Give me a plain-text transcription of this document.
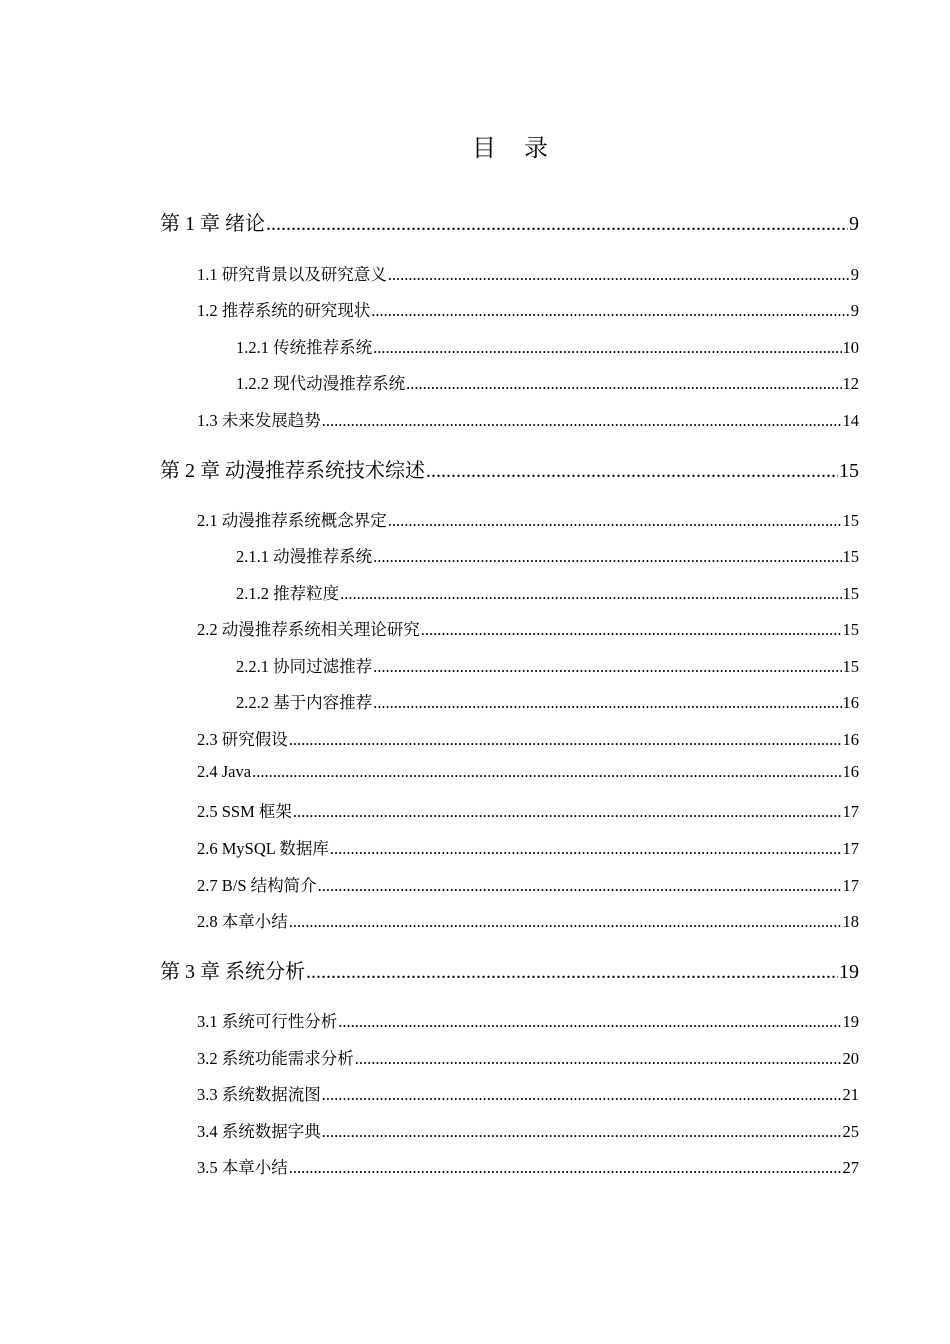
目 录
第 1 章 绪论 .....	9
1.1 研究背景以及研究意义 .....	9
1.2 推荐系统的研究现状 .....	9
1.2.1 传统推荐系统 .....	10
1.2.2 现代动漫推荐系统 .....	12
1.3 未来发展趋势 .....	14
第 2 章 动漫推荐系统技术综述 .....	15
2.1 动漫推荐系统概念界定 .....	15
2.1.1 动漫推荐系统 .....	15
2.1.2 推荐粒度 .....	15
2.2 动漫推荐系统相关理论研究 .....	15
2.2.1 协同过滤推荐 .....	15
2.2.2 基于内容推荐 .....	16
2.3 研究假设 .....	16
2.4 Java .....	16
2.5 SSM 框架 .....	17
2.6 MySQL 数据库 .....	17
2.7 B/S 结构简介 .....	17
2.8 本章小结 .....	18
第 3 章 系统分析 .....	19
3.1 系统可行性分析 .....	19
3.2 系统功能需求分析 .....	20
3.3 系统数据流图 .....	21
3.4 系统数据字典 .....	25
3.5 本章小结 .....	27
